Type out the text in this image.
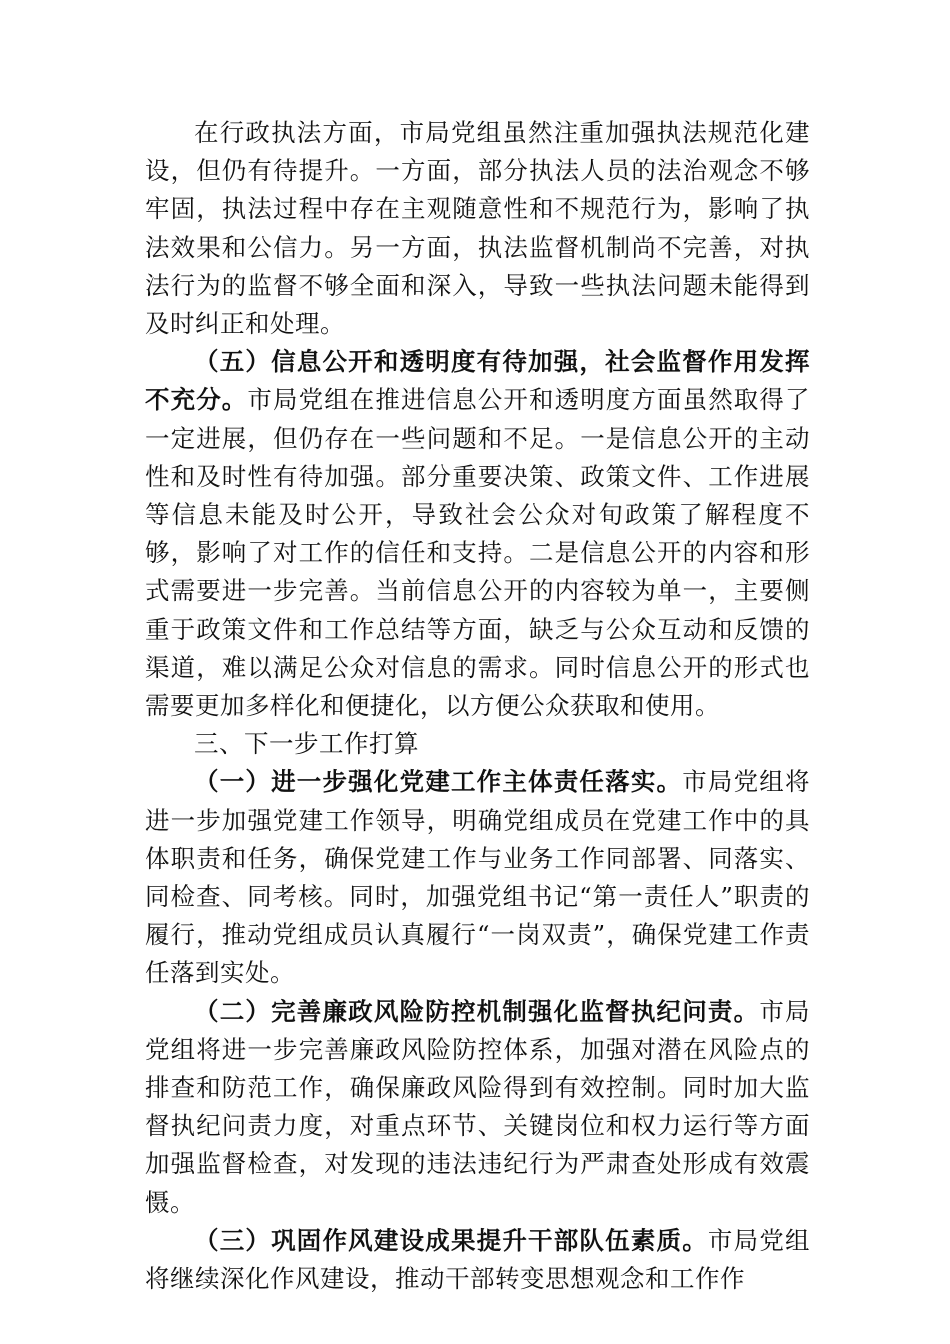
在行政执法方面，市局党组虽然注重加强执法规范化建设，但仍有待提升。一方面，部分执法人员的法治观念不够牢固，执法过程中存在主观随意性和不规范行为，影响了执法效果和公信力。另一方面，执法监督机制尚不完善，对执法行为的监督不够全面和深入，导致一些执法问题未能得到及时纠正和处理。

（五）信息公开和透明度有待加强，社会监督作用发挥不充分。市局党组在推进信息公开和透明度方面虽然取得了一定进展，但仍存在一些问题和不足。一是信息公开的主动性和及时性有待加强。部分重要决策、政策文件、工作进展等信息未能及时公开，导致社会公众对旬政策了解程度不够，影响了对工作的信任和支持。二是信息公开的内容和形式需要进一步完善。当前信息公开的内容较为单一，主要侧重于政策文件和工作总结等方面，缺乏与公众互动和反馈的渠道，难以满足公众对信息的需求。同时信息公开的形式也需要更加多样化和便捷化，以方便公众获取和使用。

三、下一步工作打算

（一）进一步强化党建工作主体责任落实。市局党组将进一步加强党建工作领导，明确党组成员在党建工作中的具体职责和任务，确保党建工作与业务工作同部署、同落实、同检查、同考核。同时，加强党组书记“第一责任人”职责的履行，推动党组成员认真履行“一岗双责”，确保党建工作责任落到实处。

（二）完善廉政风险防控机制强化监督执纪问责。市局党组将进一步完善廉政风险防控体系，加强对潜在风险点的排查和防范工作，确保廉政风险得到有效控制。同时加大监督执纪问责力度，对重点环节、关键岗位和权力运行等方面加强监督检查，对发现的违法违纪行为严肃查处形成有效震慑。

（三）巩固作风建设成果提升干部队伍素质。市局党组将继续深化作风建设，推动干部转变思想观念和工作作
